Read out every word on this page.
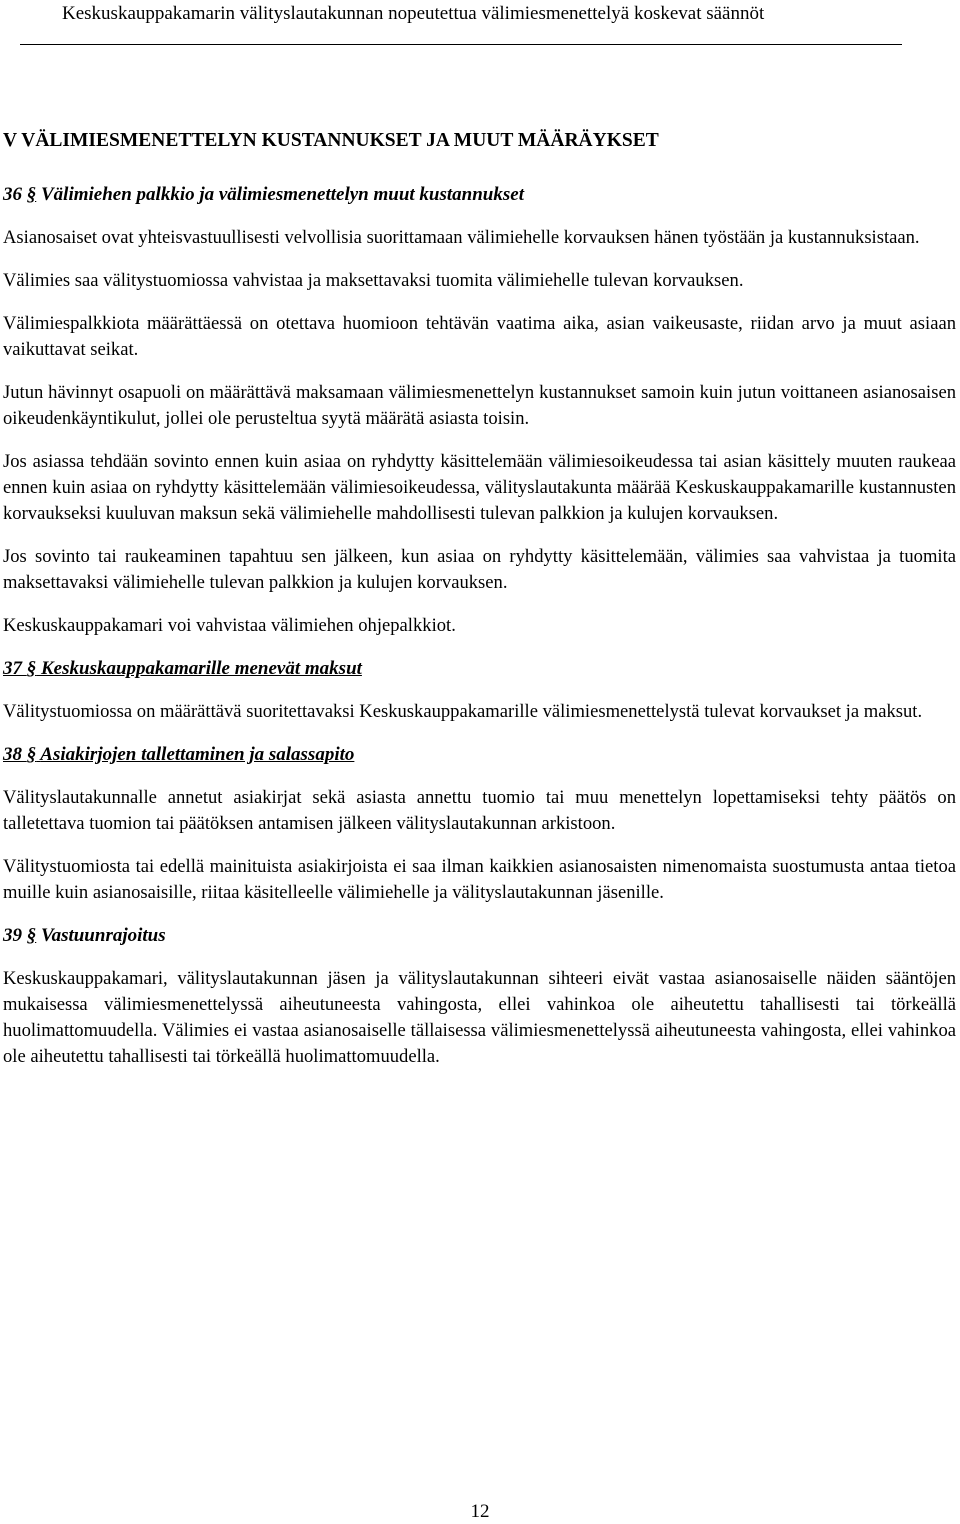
Keskuskauppakamarin välityslautakunnan nopeutettua välimiesmenettelyä koskevat säännöt
V VÄLIMIESMENETTELYN KUSTANNUKSET JA MUUT MÄÄRÄYKSET
36 § Välimiehen palkkio ja välimiesmenettelyn muut kustannukset

Asianosaiset ovat yhteisvastuullisesti velvollisia suorittamaan välimiehelle korvauksen hänen työstään ja kustannuksistaan.

Välimies saa välitystuomiossa vahvistaa ja maksettavaksi tuomita välimiehelle tulevan korvauksen.

Välimiespalkkiota määrättäessä on otettava huomioon tehtävän vaatima aika, asian vaikeusaste, riidan arvo ja muut asiaan vaikuttavat seikat.

Jutun hävinnyt osapuoli on määrättävä maksamaan välimiesmenettelyn kustannukset samoin kuin jutun voittaneen asianosaisen oikeudenkäyntikulut, jollei ole perusteltua syytä määrätä asiasta toisin.

Jos asiassa tehdään sovinto ennen kuin asiaa on ryhdytty käsittelemään välimiesoikeudessa tai asian käsittely muuten raukeaa ennen kuin asiaa on ryhdytty käsittelemään välimiesoikeudessa, välityslautakunta määrää Keskuskauppakamarille kustannusten korvaukseksi kuuluvan maksun sekä välimiehelle mahdollisesti tulevan palkkion ja kulujen korvauksen.

Jos sovinto tai raukeaminen tapahtuu sen jälkeen, kun asiaa on ryhdytty käsittelemään, välimies saa vahvistaa ja tuomita maksettavaksi välimiehelle tulevan palkkion ja kulujen korvauksen.

Keskuskauppakamari voi vahvistaa välimiehen ohjepalkkiot.

37 § Keskuskauppakamarille menevät maksut

Välitystuomiossa on määrättävä suoritettavaksi Keskuskauppakamarille välimiesmenettelystä tulevat korvaukset ja maksut.

38 § Asiakirjojen tallettaminen ja salassapito

Välityslautakunnalle annetut asiakirjat sekä asiasta annettu tuomio tai muu menettelyn lopettamiseksi tehty päätös on talletettava tuomion tai päätöksen antamisen jälkeen välityslautakunnan arkistoon.

Välitystuomiosta tai edellä mainituista asiakirjoista ei saa ilman kaikkien asianosaisten nimenomaista suostumusta antaa tietoa muille kuin asianosaisille, riitaa käsitelleelle välimiehelle ja välityslautakunnan jäsenille.

39 § Vastuunrajoitus

Keskuskauppakamari, välityslautakunnan jäsen ja välityslautakunnan sihteeri eivät vastaa asianosaiselle näiden sääntöjen mukaisessa välimiesmenettelyssä aiheutuneesta vahingosta, ellei vahinkoa ole aiheutettu tahallisesti tai törkeällä huolimattomuudella. Välimies ei vastaa asianosaiselle tällaisessa välimiesmenettelyssä aiheutuneesta vahingosta, ellei vahinkoa ole aiheutettu tahallisesti tai törkeällä huolimattomuudella.

12
